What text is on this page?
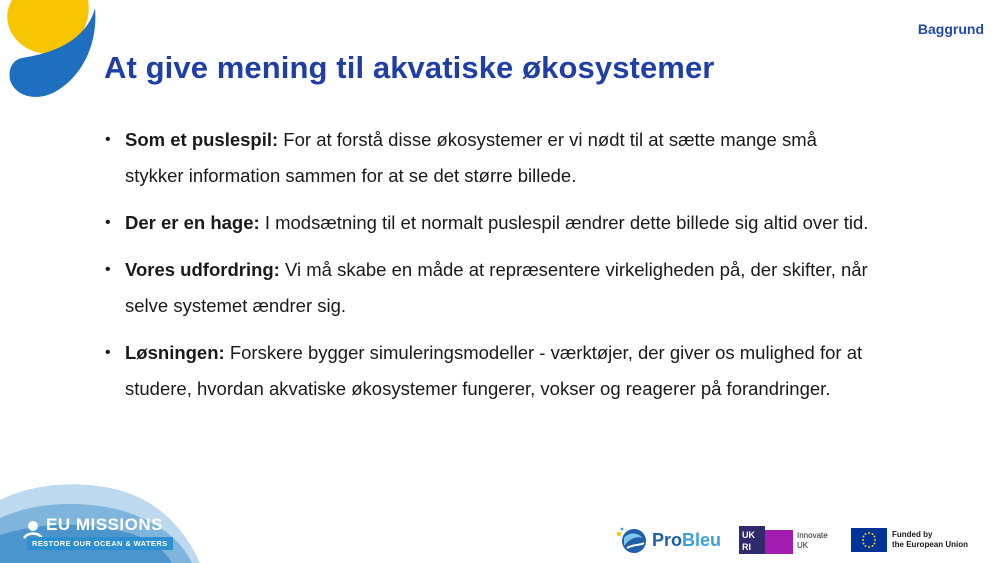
Baggrund
At give mening til akvatiske økosystemer
• Som et puslespil: For at forstå disse økosystemer er vi nødt til at sætte mange små stykker information sammen for at se det større billede.
• Der er en hage: I modsætning til et normalt puslespil ændrer dette billede sig altid over tid.
• Vores udfordring: Vi må skabe en måde at repræsentere virkeligheden på, der skifter, når selve systemet ændrer sig.
• Løsningen: Forskere bygger simuleringsmodeller - værktøjer, der giver os mulighed for at studere, hvordan akvatiske økosystemer fungerer, vokser og reagerer på forandringer.
EU MISSIONS
RESTORE OUR OCEAN & WATERS	ProBleu UK
RI
Innovate
UK
Funded by
the European Union
